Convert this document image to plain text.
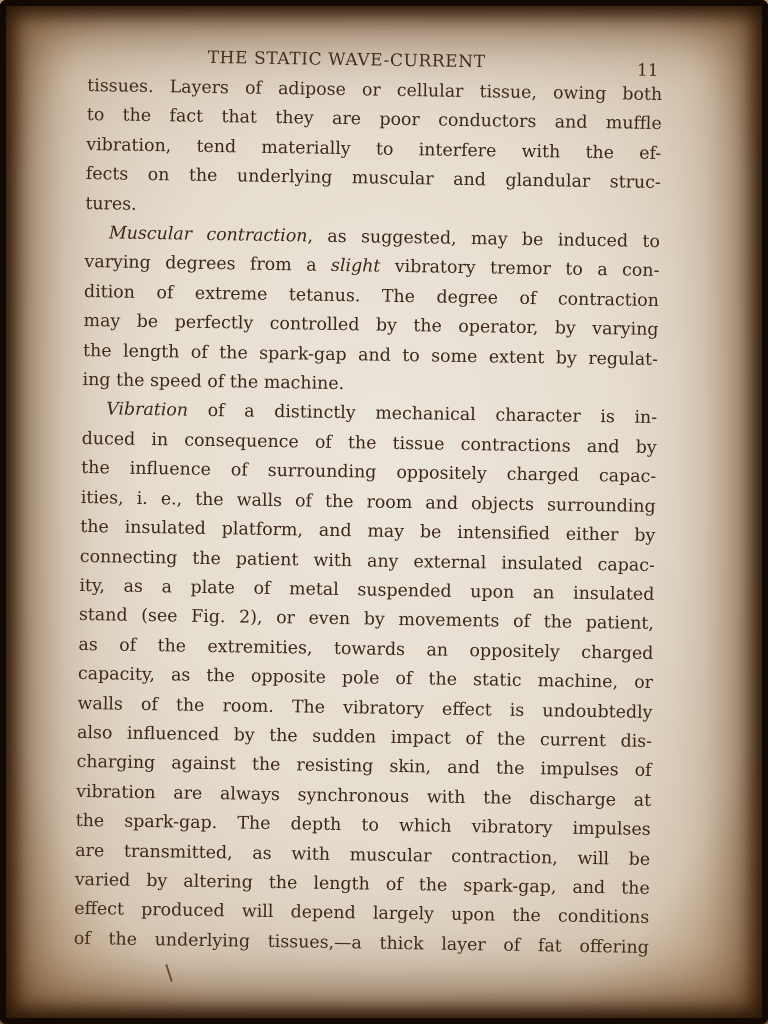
THE STATIC WAVE-CURRENT	11
tissues. Layers of adipose or cellular tissue, owing both
to the fact that they are poor conductors and muffle
vibration, tend materially to interfere with the ef-
fects on the underlying muscular and glandular struc-
tures.
Muscular contraction, as suggested, may be induced to
varying degrees from a slight vibratory tremor to a con-
dition of extreme tetanus. The degree of contraction
may be perfectly controlled by the operator, by varying
the length of the spark-gap and to some extent by regulat-
ing the speed of the machine.
Vibration of a distinctly mechanical character is in-
duced in consequence of the tissue contractions and by
the influence of surrounding oppositely charged capac-
ities, i. e., the walls of the room and objects surrounding
the insulated platform, and may be intensified either by
connecting the patient with any external insulated capac-
ity, as a plate of metal suspended upon an insulated
stand (see Fig. 2), or even by movements of the patient,
as of the extremities, towards an oppositely charged
capacity, as the opposite pole of the static machine, or
walls of the room. The vibratory effect is undoubtedly
also influenced by the sudden impact of the current dis-
charging against the resisting skin, and the impulses of
vibration are always synchronous with the discharge at
the spark-gap. The depth to which vibratory impulses
are transmitted, as with muscular contraction, will be
varied by altering the length of the spark-gap, and the
effect produced will depend largely upon the conditions
of the underlying tissues,—a thick layer of fat offering
